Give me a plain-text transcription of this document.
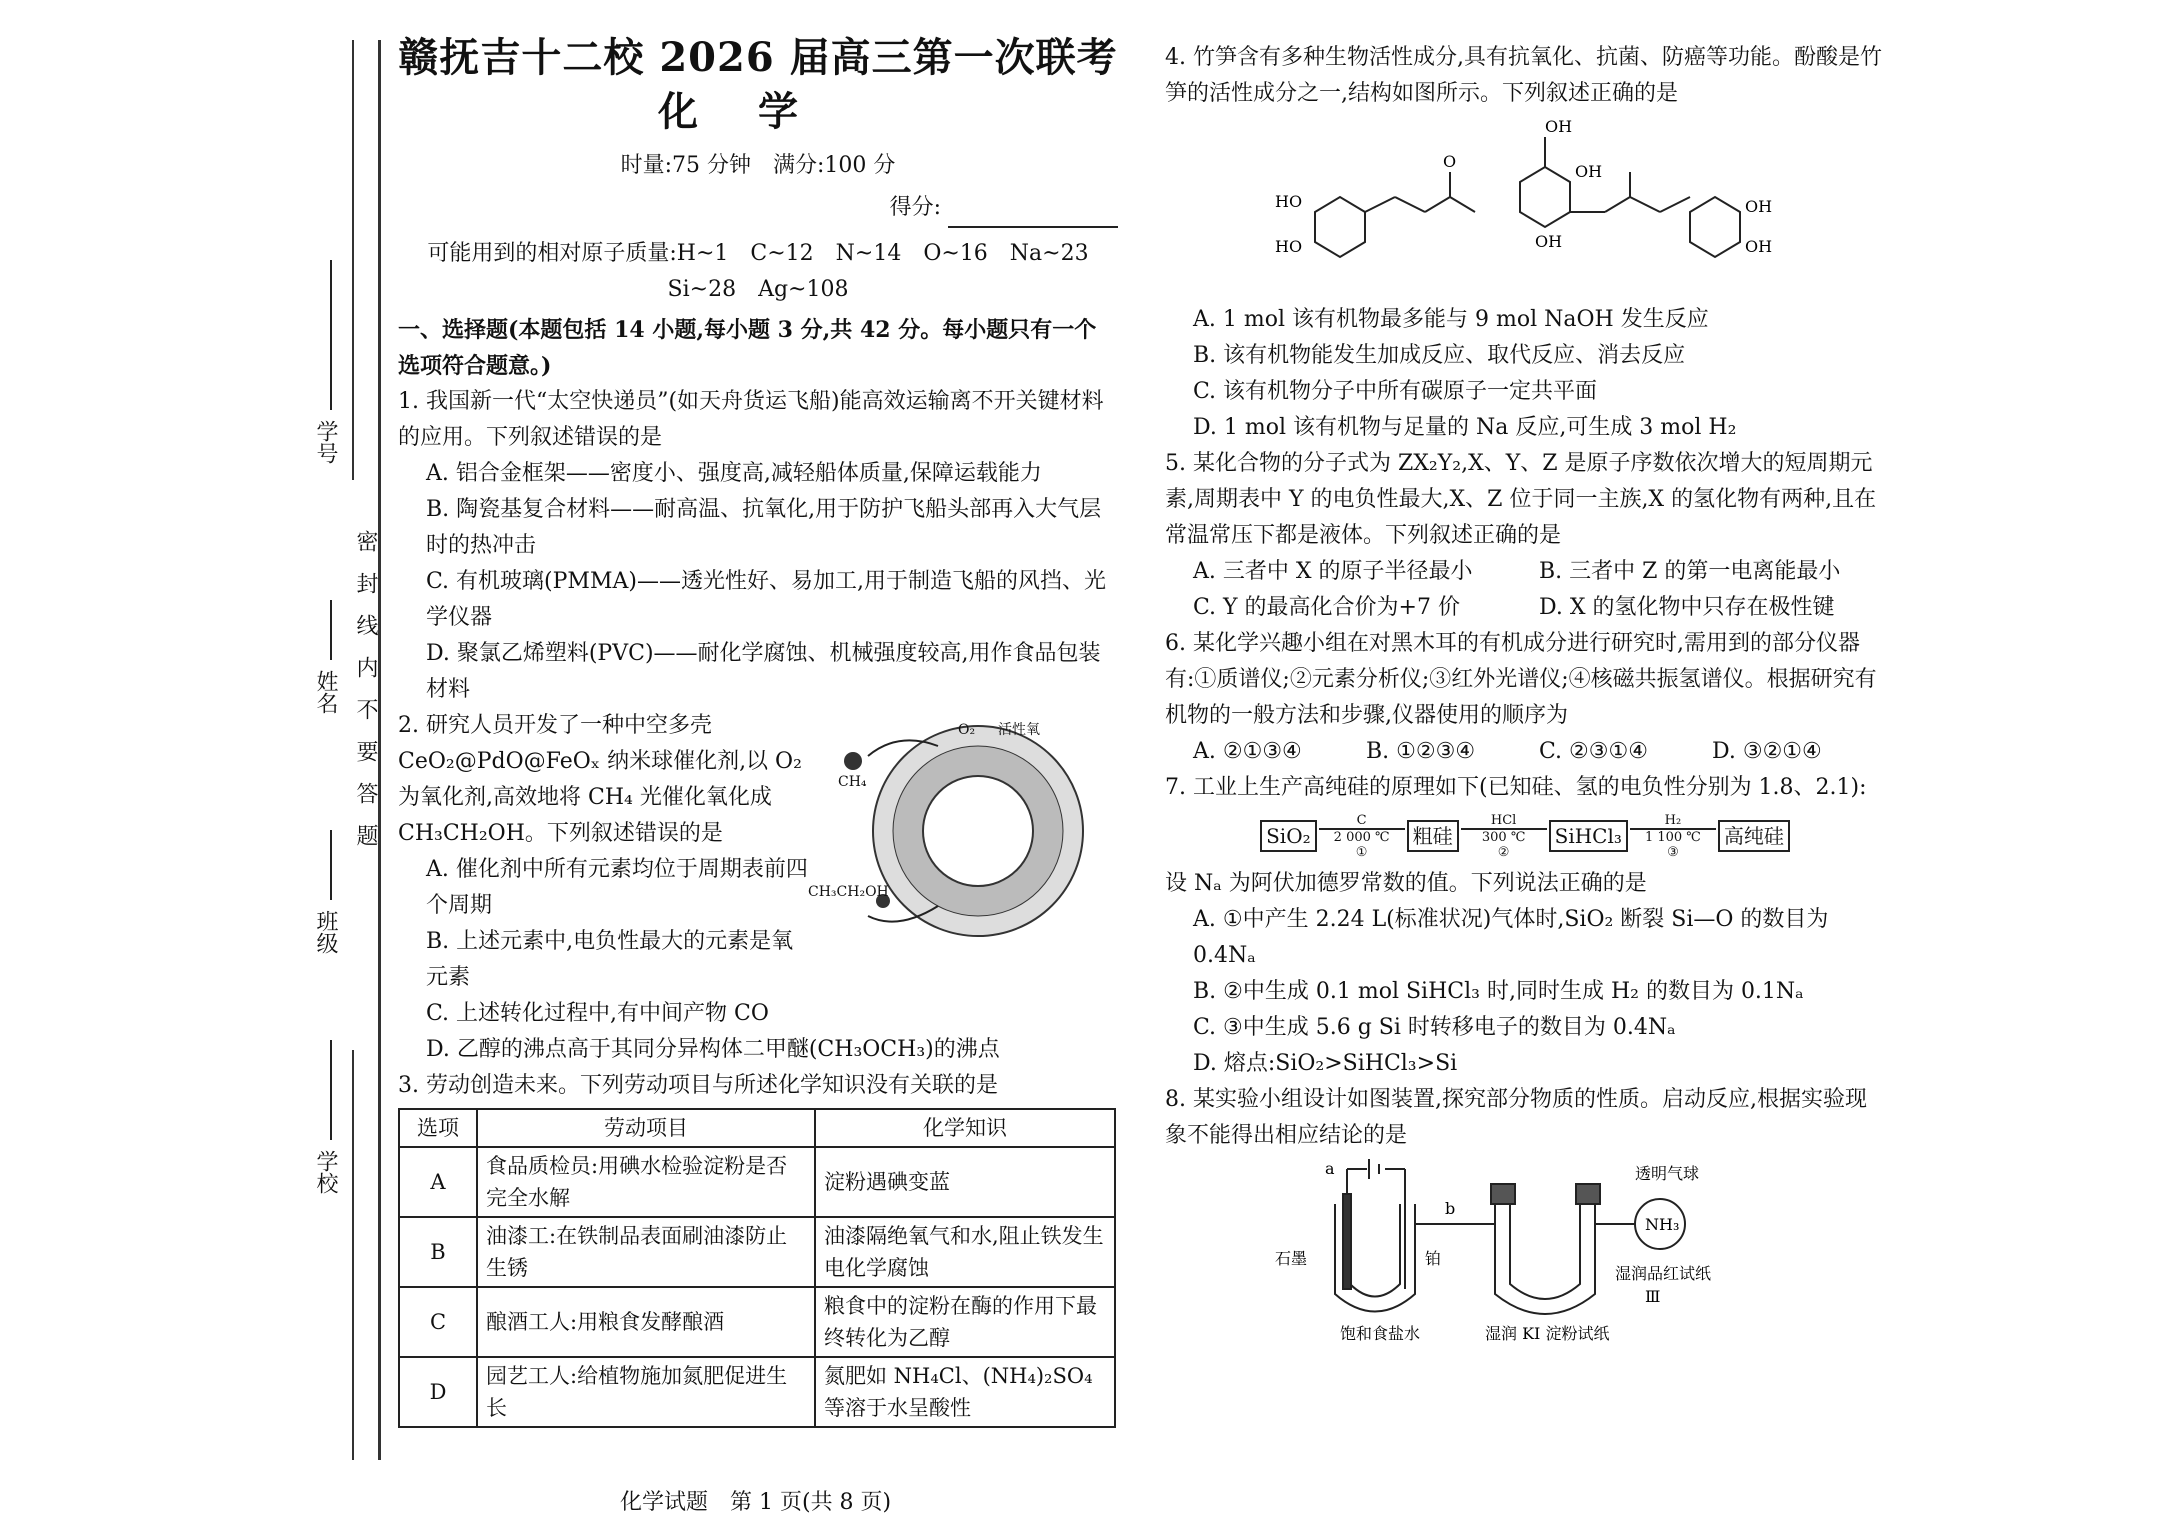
学校
班级
姓名
学号
密封线内不要答题
赣抚吉十二校 2026 届高三第一次联考
化学
时量:75 分钟　满分:100 分
得分:
可能用到的相对原子质量:H~1　C~12　N~14　O~16　Na~23
Si~28　Ag~108
一、选择题(本题包括 14 小题,每小题 3 分,共 42 分。每小题只有一个选项符合题意。)

1. 我国新一代“太空快递员”(如天舟货运飞船)能高效运输离不开关键材料的应用。下列叙述错误的是

A. 铝合金框架——密度小、强度高,减轻船体质量,保障运载能力

B. 陶瓷基复合材料——耐高温、抗氧化,用于防护飞船头部再入大气层时的热冲击

C. 有机玻璃(PMMA)——透光性好、易加工,用于制造飞船的风挡、光学仪器

D. 聚氯乙烯塑料(PVC)——耐化学腐蚀、机械强度较高,用作食品包装材料

2. 研究人员开发了一种中空多壳 CeO₂@PdO@FeOₓ 纳米球催化剂,以 O₂ 为氧化剂,高效地将 CH₄ 光催化氧化成 CH₃CH₂OH。下列叙述错误的是

A. 催化剂中所有元素均位于周期表前四个周期

B. 上述元素中,电负性最大的元素是氧元素

C. 上述转化过程中,有中间产物 CO

O₂ 活性氧
CH₄
CH₃CH₂OH

D. 乙醇的沸点高于其同分异构体二甲醚(CH₃OCH₃)的沸点

3. 劳动创造未来。下列劳动项目与所述化学知识没有关联的是

选项	劳动项目	化学知识
A	食品质检员:用碘水检验淀粉是否完全水解	淀粉遇碘变蓝
B	油漆工:在铁制品表面刷油漆防止生锈	油漆隔绝氧气和水,阻止铁发生电化学腐蚀
C	酿酒工人:用粮食发酵酿酒	粮食中的淀粉在酶的作用下最终转化为乙醇
D	园艺工人:给植物施加氮肥促进生长	氮肥如 NH₄Cl、(NH₄)₂SO₄ 等溶于水呈酸性

4. 竹笋含有多种生物活性成分,具有抗氧化、抗菌、防癌等功能。酚酸是竹笋的活性成分之一,结构如图所示。下列叙述正确的是

OH
O
HO
OH
OH
OH
OH
HO

A. 1 mol 该有机物最多能与 9 mol NaOH 发生反应

B. 该有机物能发生加成反应、取代反应、消去反应

C. 该有机物分子中所有碳原子一定共平面

D. 1 mol 该有机物与足量的 Na 反应,可生成 3 mol H₂

5. 某化合物的分子式为 ZX₂Y₂,X、Y、Z 是原子序数依次增大的短周期元素,周期表中 Y 的电负性最大,X、Z 位于同一主族,X 的氢化物有两种,且在常温常压下都是液体。下列叙述正确的是

A. 三者中 X 的原子半径最小	B. 三者中 Z 的第一电离能最小
C. Y 的最高化合价为+7 价	D. X 的氢化物中只存在极性键

6. 某化学兴趣小组在对黑木耳的有机成分进行研究时,需用到的部分仪器有:①质谱仪;②元素分析仪;③红外光谱仪;④核磁共振氢谱仪。根据研究有机物的一般方法和步骤,仪器使用的顺序为

A. ②①③④	B. ①②③④	C. ②③①④	D. ③②①④

7. 工业上生产高纯硅的原理如下(已知硅、氢的电负性分别为 1.8、2.1):

SiO₂
C
2 000 ℃
①
粗硅
HCl
300 ℃
②
SiHCl₃
H₂
1 100 ℃
③
高纯硅

设 Nₐ 为阿伏加德罗常数的值。下列说法正确的是

A. ①中产生 2.24 L(标准状况)气体时,SiO₂ 断裂 Si—O 的数目为 0.4Nₐ

B. ②中生成 0.1 mol SiHCl₃ 时,同时生成 H₂ 的数目为 0.1Nₐ

C. ③中生成 5.6 g Si 时转移电子的数目为 0.4Nₐ

D. 熔点:SiO₂>SiHCl₃>Si

8. 某实验小组设计如图装置,探究部分物质的性质。启动反应,根据实验现象不能得出相应结论的是

a
b
石墨	铂
饱和食盐水
透明气球
NH₃
湿润品红试纸
Ⅲ
湿润 KI 淀粉试纸
化学试题　第 1 页(共 8 页)
